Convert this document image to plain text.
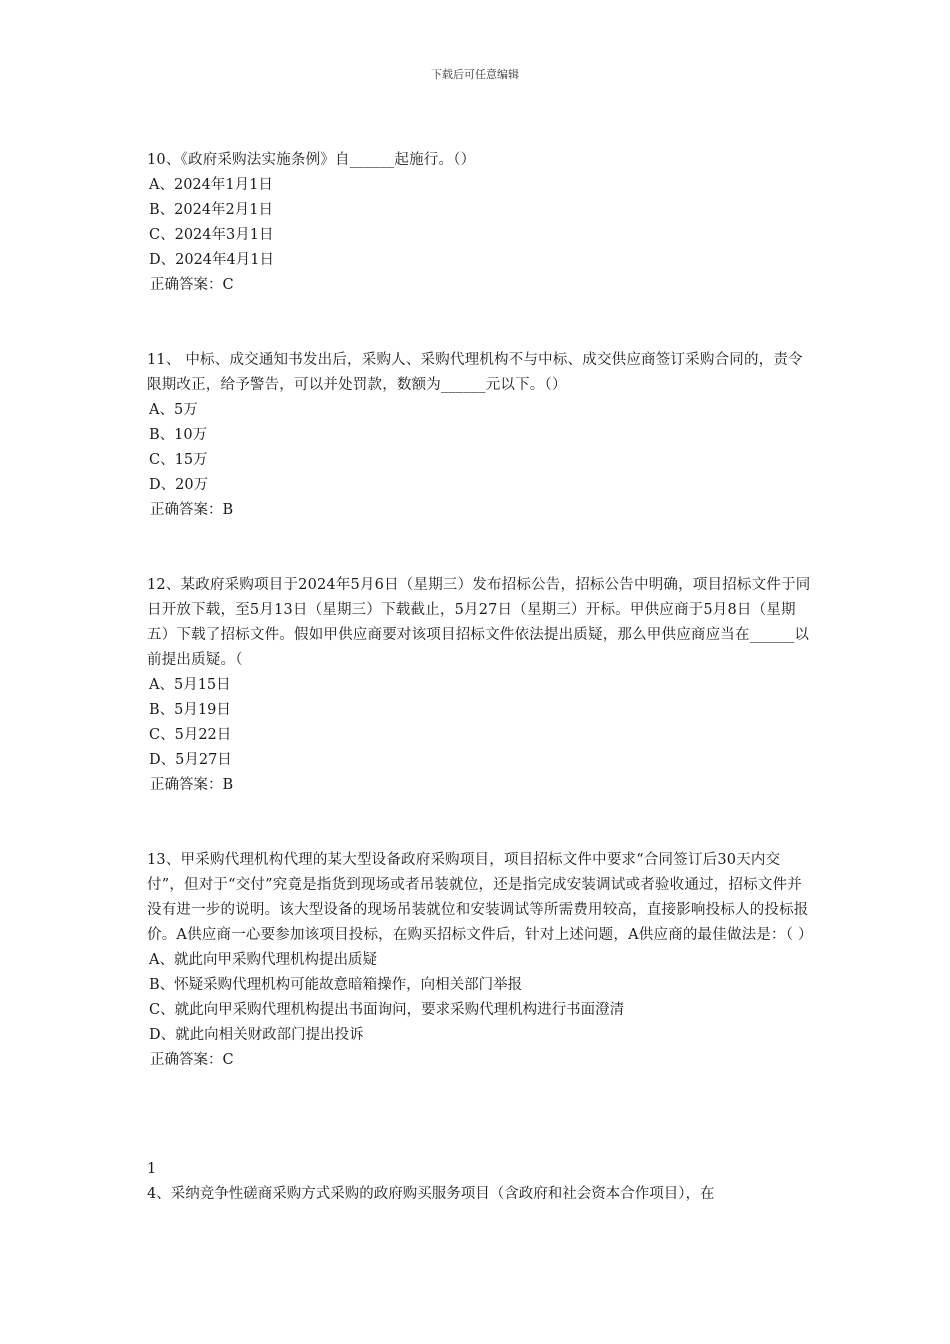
下载后可任意编辑

10、《政府采购法实施条例》自______起施行。（）

A、2024年1月1日

B、2024年2月1日

C、2024年3月1日

D、2024年4月1日

正确答案：C

11、 中标、成交通知书发出后，采购人、采购代理机构不与中标、成交供应商签订采购合同的，责令限期改正，给予警告，可以并处罚款，数额为______元以下。（）

A、5万

B、10万

C、15万

D、20万

正确答案：B

12、某政府采购项目于2024年5月6日（星期三）发布招标公告，招标公告中明确，项目招标文件于同日开放下载，至5月13日（星期三）下载截止，5月27日（星期三）开标。甲供应商于5月8日（星期五）下载了招标文件。假如甲供应商要对该项目招标文件依法提出质疑，那么甲供应商应当在______以前提出质疑。（

A、5月15日

B、5月19日

C、5月22日

D、5月27日

正确答案：B

13、甲采购代理机构代理的某大型设备政府采购项目，项目招标文件中要求“合同签订后30天内交付”，但对于“交付”究竟是指货到现场或者吊装就位，还是指完成安装调试或者验收通过，招标文件并没有进一步的说明。该大型设备的现场吊装就位和安装调试等所需费用较高，直接影响投标人的投标报价。A供应商一心要参加该项目投标，在购买招标文件后，针对上述问题，A供应商的最佳做法是：（ ）

A、就此向甲采购代理机构提出质疑

B、怀疑采购代理机构可能故意暗箱操作，向相关部门举报

C、就此向甲采购代理机构提出书面询问，要求采购代理机构进行书面澄清

D、就此向相关财政部门提出投诉

正确答案：C

1

4、采纳竞争性磋商采购方式采购的政府购买服务项目（含政府和社会资本合作项目），在
